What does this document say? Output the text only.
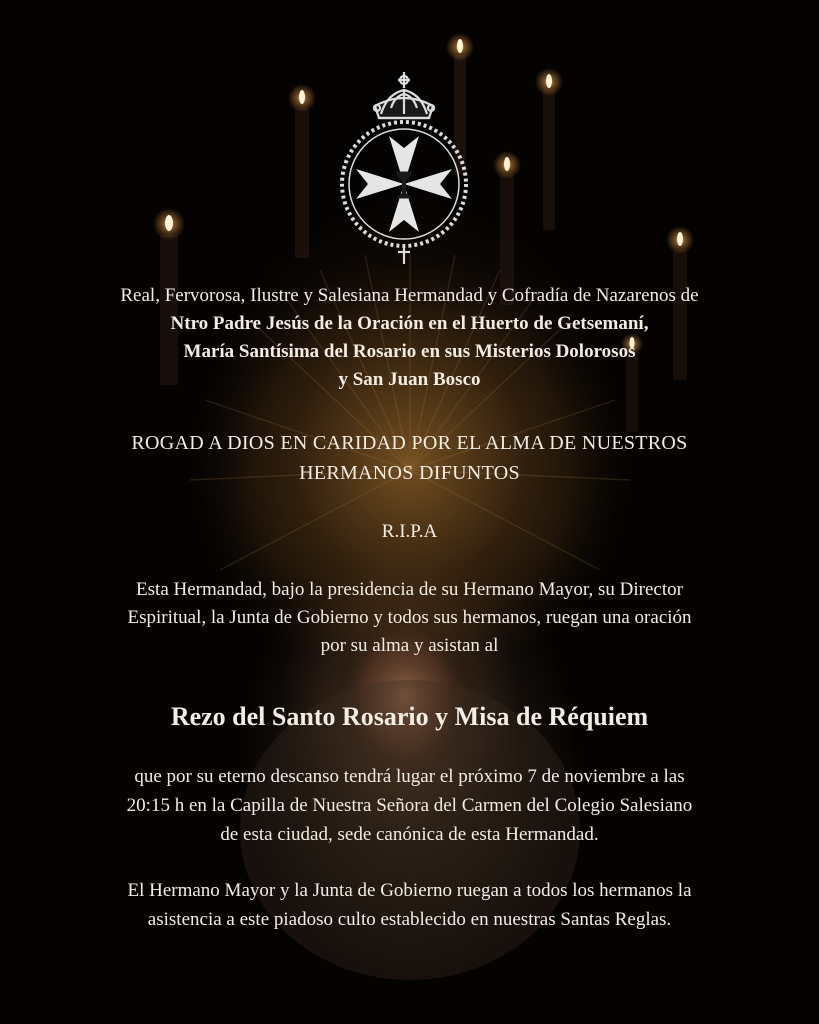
Real, Fervorosa, Ilustre y Salesiana Hermandad y Cofradía de Nazarenos de
Ntro Padre Jesús de la Oración en el Huerto de Getsemaní,
María Santísima del Rosario en sus Misterios Dolorosos
y San Juan Bosco
ROGAD A DIOS EN CARIDAD POR EL ALMA DE NUESTROS
HERMANOS DIFUNTOS
R.I.P.A
Esta Hermandad, bajo la presidencia de su Hermano Mayor, su Director
Espiritual, la Junta de Gobierno y todos sus hermanos, ruegan una oración
por su alma y asistan al
Rezo del Santo Rosario y Misa de Réquiem
que por su eterno descanso tendrá lugar el próximo 7 de noviembre a las
20:15 h en la Capilla de Nuestra Señora del Carmen del Colegio Salesiano
de esta ciudad, sede canónica de esta Hermandad.
El Hermano Mayor y la Junta de Gobierno ruegan a todos los hermanos la
asistencia a este piadoso culto establecido en nuestras Santas Reglas.
